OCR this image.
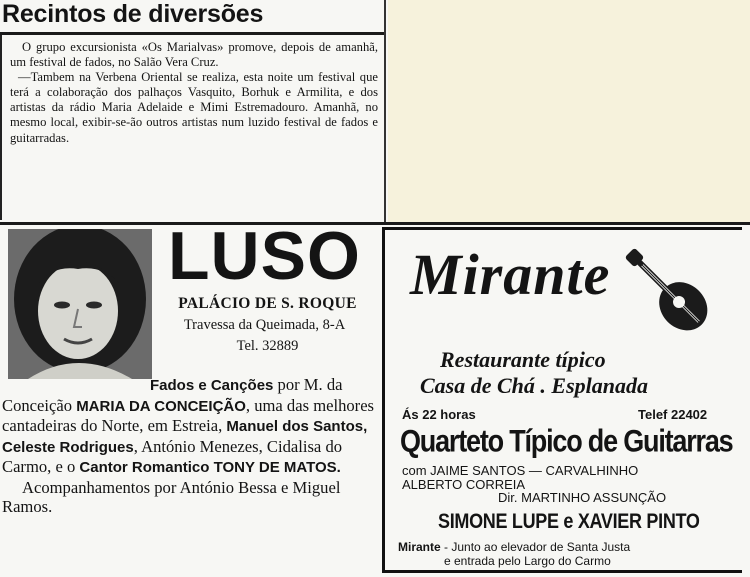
Recintos de diversões

O grupo excursionista «Os Marialvas» promove, depois de amanhã, um festival de fados, no Salão Vera Cruz.

—Tambem na Verbena Oriental se realiza, esta noite um festival que terá a colaboração dos palhaços Vasquito, Borhuk e Armilita, e dos artistas da rádio Maria Adelaide e Mimi Estremadouro. Amanhã, no mesmo local, exibir-se-ão outros artistas num luzido festival de fados e guitarradas.

LUSO
PALÁCIO DE S. ROQUE
Travessa da Queimada, 8-A
Tel. 32889
Fados e Canções por M. da Conceição MARIA DA CONCEIÇÃO, uma das melhores cantadeiras do Norte, em Estreia, Manuel dos Santos, Celeste Rodrigues, António Menezes, Cidalisa do Carmo, e o Cantor Romantico TONY DE MATOS.
Acompanhamentos por António Bessa e Miguel Ramos.
Mirante
Restaurante típico
Casa de Chá . Esplanada
Ás 22 horas	Telef 22402
Quarteto Típico de Guitarras
com JAIME SANTOS — CARVALHINHO
ALBERTO CORREIA
Dir. MARTINHO ASSUNÇÃO
SIMONE LUPE e XAVIER PINTO
Mirante - Junto ao elevador de Santa Justa
e entrada pelo Largo do Carmo
